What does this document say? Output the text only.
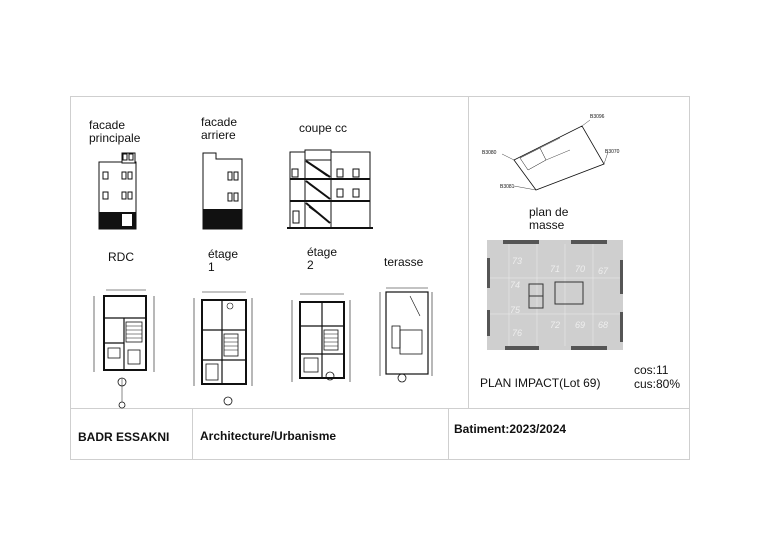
facade
principale
facade
arriere	coupe cc
RDC	étage
1
étage
2	terasse
plan de
masse
PLAN IMPACT(Lot 69)
cos:11
cus:80%
B3096
B3080	B3070
B3081
73
71 70 67
74
75
72 69 68
76
BADR ESSAKNI	Architecture/Urbanisme	Batiment:2023/2024
